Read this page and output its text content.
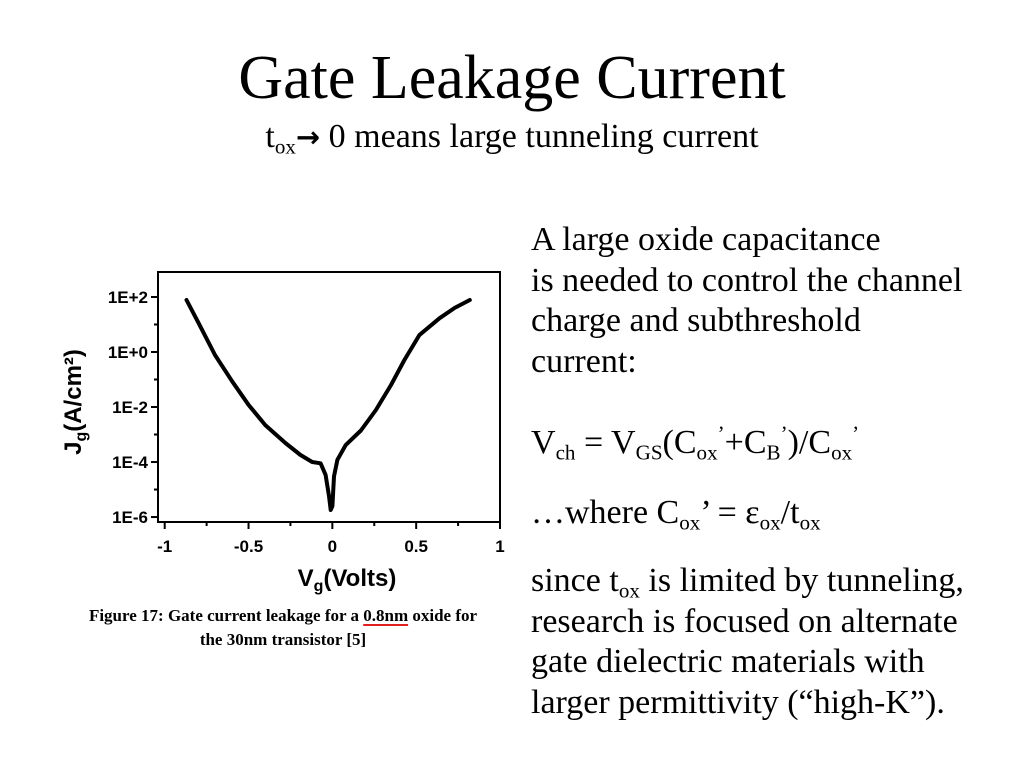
Gate Leakage Current
$t_{ox}\to 0$ means large tunneling current
-1	-0.5	0	0.5	1
1E+2
1E+0
1E-2
1E-4
1E-6
$V_g(Volts)$
$J_g(A/cm^2)$
Figure 17: Gate current leakage for a 0.8nm oxide for
the 30nm transistor [5]
A large oxide capacitance
is needed to control the channel
charge and subthreshold
current:
$V_{ch} = V_{GS}(C_{ox}^’+C_B^’)/C_{ox}^’$
…where $C_{ox}$’ = $\varepsilon_{ox}/t_{ox}$
since $t_{ox}$ is limited by tunneling,
research is focused on alternate
gate dielectric materials with
larger permittivity (“high-K”).
